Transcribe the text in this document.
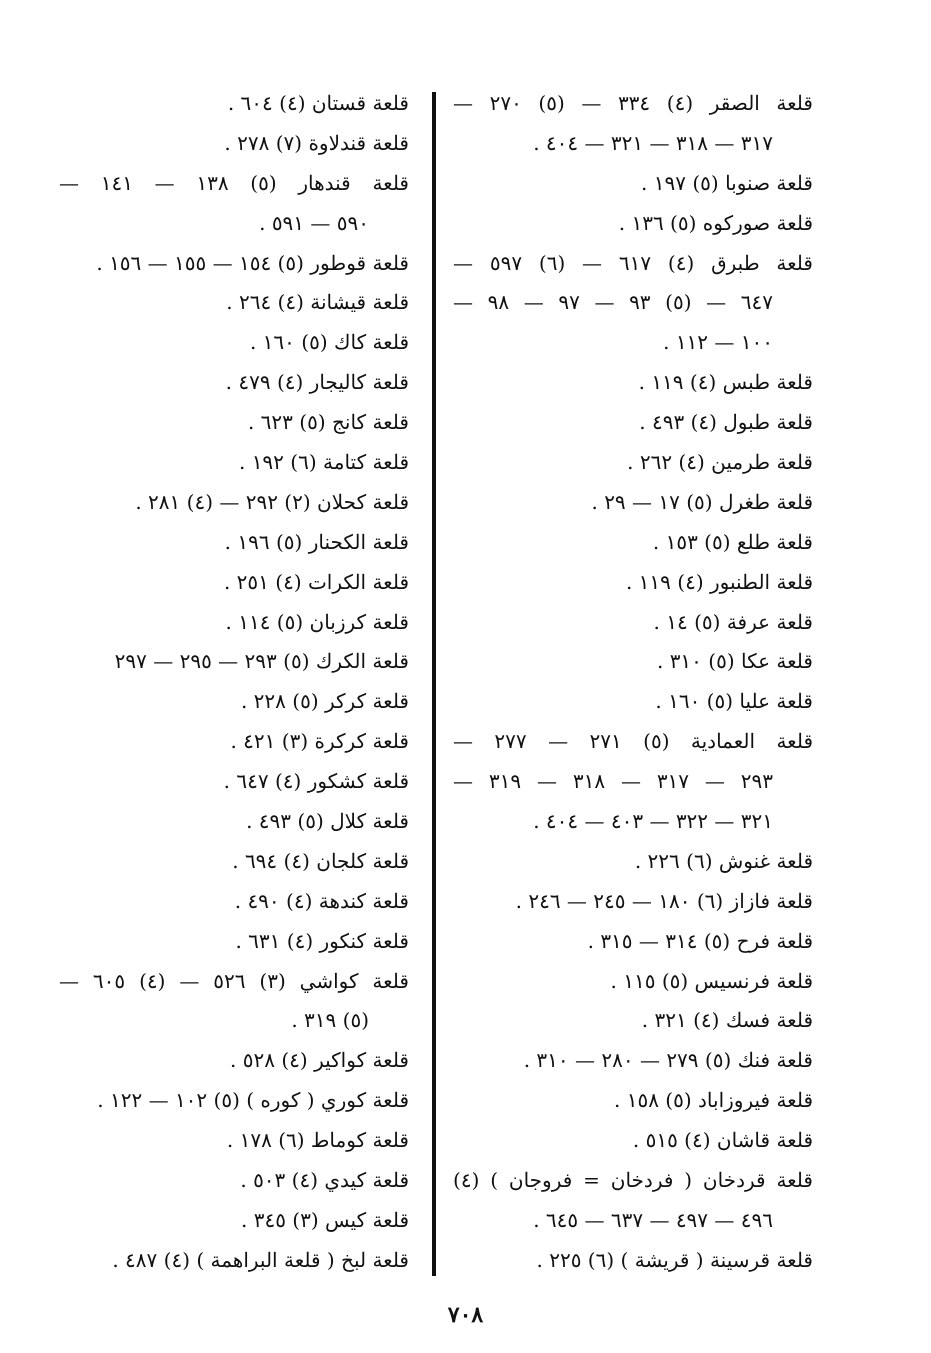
قلعة الصقر (٤) ٣٣٤ — (٥) ٢٧٠ —
٣١٧ — ٣١٨ — ٣٢١ — ٤٠٤ .
قلعة صنوبا (٥) ١٩٧ .
قلعة صوركوه (٥) ١٣٦ .
قلعة طبرق (٤) ٦١٧ — (٦) ٥٩٧ —
٦٤٧ — (٥) ٩٣ — ٩٧ — ٩٨ —
١٠٠ — ١١٢ .
قلعة طبس (٤) ١١٩ .
قلعة طبول (٤) ٤٩٣ .
قلعة طرمين (٤) ٢٦٢ .
قلعة طغرل (٥) ١٧ — ٢٩ .
قلعة طلع (٥) ١٥٣ .
قلعة الطنبور (٤) ١١٩ .
قلعة عرفة (٥) ١٤ .
قلعة عكا (٥) ٣١٠ .
قلعة عليا (٥) ١٦٠ .
قلعة العمادية (٥) ٢٧١ — ٢٧٧ —
٢٩٣ — ٣١٧ — ٣١٨ — ٣١٩ —
٣٢١ — ٣٢٢ — ٤٠٣ — ٤٠٤ .
قلعة غنوش (٦) ٢٢٦ .
قلعة فازاز (٦) ١٨٠ — ٢٤٥ — ٢٤٦ .
قلعة فرح (٥) ٣١٤ — ٣١٥ .
قلعة فرنسيس (٥) ١١٥ .
قلعة فسك (٤) ٣٢١ .
قلعة فنك (٥) ٢٧٩ — ٢٨٠ — ٣١٠ .
قلعة فيروزاباد (٥) ١٥٨ .
قلعة قاشان (٤) ٥١٥ .
قلعة قردخان ( فردخان = فروجان ) (٤)
٤٩٦ — ٤٩٧ — ٦٣٧ — ٦٤٥ .
قلعة قرسينة ( قريشة ) (٦) ٢٢٥ .
قلعة قستان (٤) ٦٠٤ .
قلعة قندلاوة (٧) ٢٧٨ .
قلعة قندهار (٥) ١٣٨ — ١٤١ —
٥٩٠ — ٥٩١ .
قلعة قوطور (٥) ١٥٤ — ١٥٥ — ١٥٦ .
قلعة قيشانة (٤) ٢٦٤ .
قلعة كاك (٥) ١٦٠ .
قلعة كاليجار (٤) ٤٧٩ .
قلعة كانج (٥) ٦٢٣ .
قلعة كتامة (٦) ١٩٢ .
قلعة كحلان (٢) ٢٩٢ — (٤) ٢٨١ .
قلعة الكحنار (٥) ١٩٦ .
قلعة الكرات (٤) ٢٥١ .
قلعة كرزبان (٥) ١١٤ .
قلعة الكرك (٥) ٢٩٣ — ٢٩٥ — ٢٩٧
قلعة كركر (٥) ٢٢٨ .
قلعة كركرة (٣) ٤٢١ .
قلعة كشكور (٤) ٦٤٧ .
قلعة كلال (٥) ٤٩٣ .
قلعة كلجان (٤) ٦٩٤ .
قلعة كندهة (٤) ٤٩٠ .
قلعة كنكور (٤) ٦٣١ .
قلعة كواشي (٣) ٥٢٦ — (٤) ٦٠٥ —
(٥) ٣١٩ .
قلعة كواكير (٤) ٥٢٨ .
قلعة كوري ( كوره ) (٥) ١٠٢ — ١٢٢ .
قلعة كوماط (٦) ١٧٨ .
قلعة كيدي (٤) ٥٠٣ .
قلعة كيس (٣) ٣٤٥ .
قلعة لبخ ( قلعة البراهمة ) (٤) ٤٨٧ .
٧٠٨
